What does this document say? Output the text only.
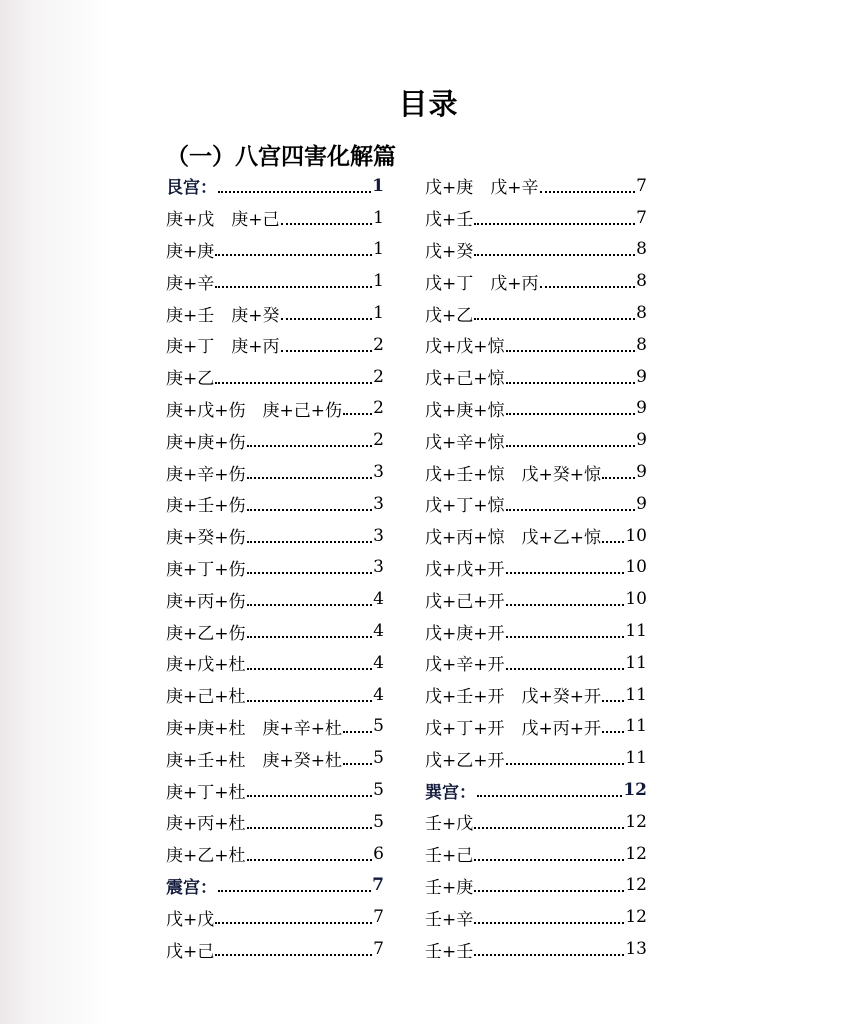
目录
（一）八宫四害化解篇
艮宫：	1
庚+戊　庚+己	1
庚+庚	1
庚+辛	1
庚+壬　庚+癸	1
庚+丁　庚+丙	2
庚+乙	2
庚+戊+伤　庚+己+伤 2
庚+庚+伤	2
庚+辛+伤	3
庚+壬+伤	3
庚+癸+伤	3
庚+丁+伤	3
庚+丙+伤	4
庚+乙+伤	4
庚+戊+杜	4
庚+己+杜	4
庚+庚+杜　庚+辛+杜 5
庚+壬+杜　庚+癸+杜 5
庚+丁+杜	5
庚+丙+杜	5
庚+乙+杜	6
震宫：	7
戊+戊	7
戊+己	7
戊+庚　戊+辛	7
戊+壬	7
戊+癸	8
戊+丁　戊+丙	8
戊+乙	8
戊+戊+惊	8
戊+己+惊	9
戊+庚+惊	9
戊+辛+惊	9
戊+壬+惊　戊+癸+惊 9
戊+丁+惊	9
戊+丙+惊　戊+乙+惊 10
戊+戊+开	10
戊+己+开	10
戊+庚+开	11
戊+辛+开	11
戊+壬+开　戊+癸+开 11
戊+丁+开　戊+丙+开 11
戊+乙+开	11
巽宫：	12
壬+戊	12
壬+己	12
壬+庚	12
壬+辛	12
壬+壬	13
